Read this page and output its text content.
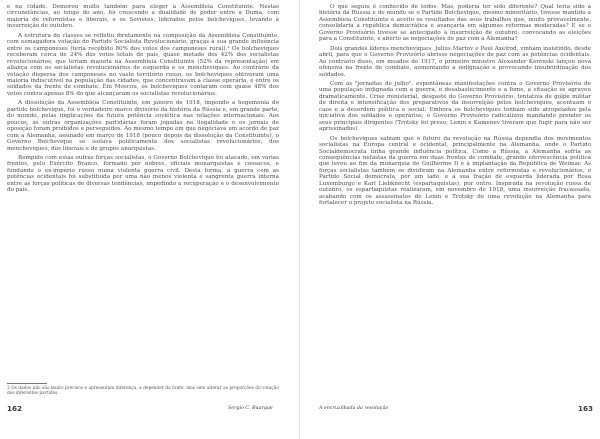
e na cidade. Demorou muito também para eleger a Assembleia Constituinte. Nestas circunstâncias, ao longo do ano, foi crescendo a dualidade de poder entre a Duma, com maioria de reformistas e liberais, e os Sovietes, liderados pelos bolcheviques, levando à insurreição de outubro.

A estrutura de classes se refletiu diretamente na composição da Assembleia Constituinte, com esmagadora votação do Partido Socialista Revolucionário, graças à sua grande influência entre os camponeses (teria recebido 80% dos votos dos camponeses rural).² Os bolcheviques receberam cerca de 24% dos votos totais do país, quase metade dos 42% dos socialistas revolucionários, que teriam maioria na Assembleia Constituinte (52% da representação) em aliança com os socialistas revolucionários de esquerda e os mencheviques. Ao contrário da votação dispersa dos camponeses no vasto território russo, os bolcheviques obtiveram uma maioria indiscutível na população das cidades, que concentravam a classe operária, e entre os soldados da frente de combate. Em Moscou, os bolcheviques contaram com quase 48% dos votos contra apenas 8% do que alcançaram os socialistas revolucionários.

A dissolução da Assembleia Constituinte, em janeiro de 1918, impondo a hegemonia do partido bolchevique, foi o verdadeiro marco divisório da história da Rússia e, em grande parte, do mundo, pelas implicações da futura potência soviética nas relações internacionais. Aos poucos, as outras organizações partidárias foram jogadas na ilegalidade e os jornais de oposição foram proibidos e perseguidos. Ao mesmo tempo em que negociava um acordo de paz com a Alemanha, assinado em março de 1918 (pouco depois da dissolução da Constituinte), o Governo Bolchevique se isolava politicamente dos socialistas revolucionários, dos mencheviques, dos liberais e de grupos anarquistas.

Rompido com estas outras forças socialistas, o Governo Bolchevique foi atacado, em várias frentes, pelo Exército Branco, formado por nobres, oficiais monarquistas e cossacos, e fundando o ex-império russo numa violenta guerra civil. Desta forma, a guerra com as potências ocidentais foi substituída por uma não menos violenta e sangrenta guerra interna entre as forças políticas de diversas tendências, impedindo a recuperação e o desenvolvimento do país.

2 Os dados não são muito precisos e apresentam diferença, a depender da fonte, mas sem alterar as proporções da votação dos diferentes partidos.

O que seguiu é conhecido de todos. Mas, poderia ter sido diferente? Qual teria sido a história da Rússia e do mundo se o Partido Bolchevique, mesmo minoritário, tivesse mantido a Assembleia Constituinte e aceito os resultados das seus trabalhos que, muito provavelmente, consolidaria a república democrática e avançaria em algumas reformas moderadas? E se o Governo Provisório tivesse se antecipado à insurreição de outubro, convocando as eleições para a Constituinte, e aberto as negociações de paz com a Alemanha?

Dois grandes líderes mencheviques, Julius Martov e Paul Axelrod, vinham insistindo, desde abril, para que o Governo Provisório abrisse negociações de paz com as potências ocidentais. Ao contrário disso, em meados de 1917, o primeiro ministro Alexander Kerenski lançou nova ofensiva na frente de combate, aumentando a indignação e provocando insubordinação dos soldados.

Com as "jornadas de julho", espontâneas manifestações contra o Governo Provisório de uma população indignada com a guerra, o desabastecimento e a fome, a situação se agravou dramaticamente. Crise ministerial, desgaste do Governo Provisório, tentativa de golpe militar de direita e intensificação dos preparativos da insurreição pelos bolcheviques, acentuam o caos e a desordem política e social. Embora os bolcheviques tenham sido atropelados pela iniciativa dos soldados e operários, o Governo Provisório radicalizou mandando prender os seus principais dirigentes (Trotsky foi preso; Lenin e Kamenev tiveram que fugir para não ser aprisionados).

Os bolcheviques sabiam que o futuro da revolução na Rússia dependia dos movimentos socialistas na Europa central e ocidental, principalmente na Alemanha, onde o Partido Socialdemocrata tinha grande influência política. Como a Rússia, a Alemanha sofria as consequências nefastas da guerra em duas frentes de combate, grande efervescência política que levou ao fim da monarquia de Guilherme II e à implantação da República de Weimar. As forças socialistas também se dividiram na Alemanha entre reformistas e revolucionários, o Partido Social democrata, por um lado, e a sua fração de esquerda liderada por Rosa Luxemburgo e Karl Liebknecht (espartaquistas), por outro. Inspirada na revolução russa de outubro, os espartaquistas realizaram, em novembro de 1918, uma insurreição fracassada, acabando com os assassinatos de Lenin e Trotsky de uma revolução na Alemanha para fortalecer o projeto socialista na Rússia.

162	Sergio C. Buarque	A encruzilhada da revolução	163
